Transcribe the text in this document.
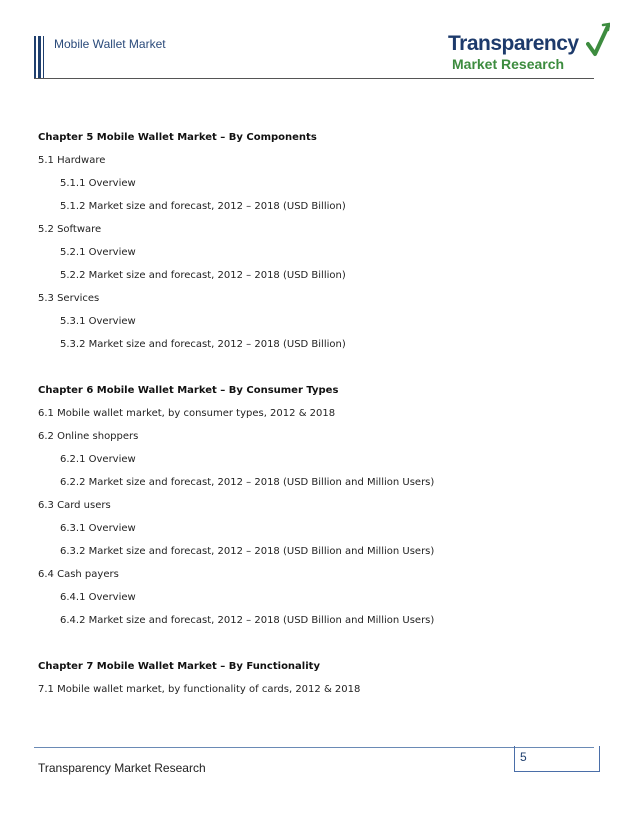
Mobile Wallet Market	Transparency
Market Research
Chapter 5 Mobile Wallet Market – By Components
5.1 Hardware
5.1.1 Overview
5.1.2 Market size and forecast, 2012 – 2018 (USD Billion)
5.2 Software
5.2.1 Overview
5.2.2 Market size and forecast, 2012 – 2018 (USD Billion)
5.3 Services
5.3.1 Overview
5.3.2 Market size and forecast, 2012 – 2018 (USD Billion)
Chapter 6 Mobile Wallet Market – By Consumer Types
6.1 Mobile wallet market, by consumer types, 2012 & 2018
6.2 Online shoppers
6.2.1 Overview
6.2.2 Market size and forecast, 2012 – 2018 (USD Billion and Million Users)
6.3 Card users
6.3.1 Overview
6.3.2 Market size and forecast, 2012 – 2018 (USD Billion and Million Users)
6.4 Cash payers
6.4.1 Overview
6.4.2 Market size and forecast, 2012 – 2018 (USD Billion and Million Users)
Chapter 7 Mobile Wallet Market – By Functionality
7.1 Mobile wallet market, by functionality of cards, 2012 & 2018
5
Transparency Market Research
